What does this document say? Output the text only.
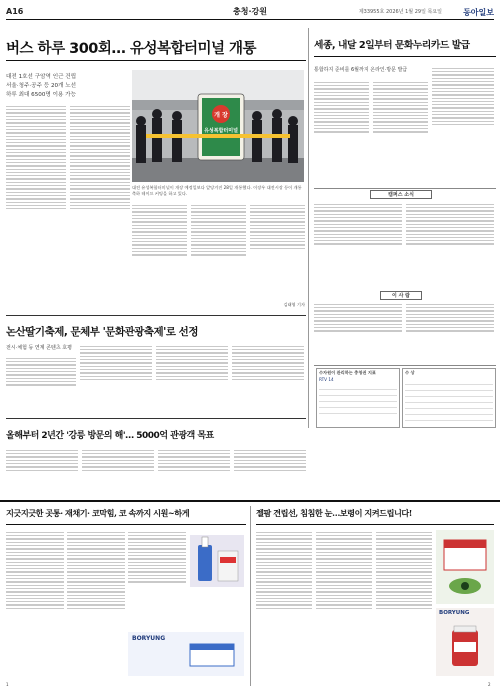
A16	충청·강원	제33955호 2026년 1월 29일 목요일	동아일보
버스 하루 300회… 유성복합터미널 개통
대전 1호선 구암역 인근 건립
서울·청주·공주 등 20개 노선
하루 최대 6500명 이용 가능
개 장
유성복합터미널
대전 유성복합터미널이 개장 예정일보다 앞당겨진 28일 개통했다. 이장우 대전시장 등이 개통 축하 테이프 커팅을 하고 있다.
김태영 기자
세종, 내달 2일부터 문화누리카드 발급
통합하지 준비를 6월까지 온라인·방문 발급
캠퍼스 소식
이 사 람
수자원이 관리하는 충청권 지표
RTV 14
수 상
논산딸기축제, 문체부 '문화관광축제'로 선정
전시·체험 등 연계 콘텐츠 호평
올해부터 2년간 '강릉 방문의 해'… 5000억 관광객 목표
지긋지긋한 곳통· 재채기· 코막힘, 코 속까지 시원~하게
BORYUNG
1
젤팜 견립선, 침침한 눈…보령이 지켜드립니다!
BORYUNG
2
